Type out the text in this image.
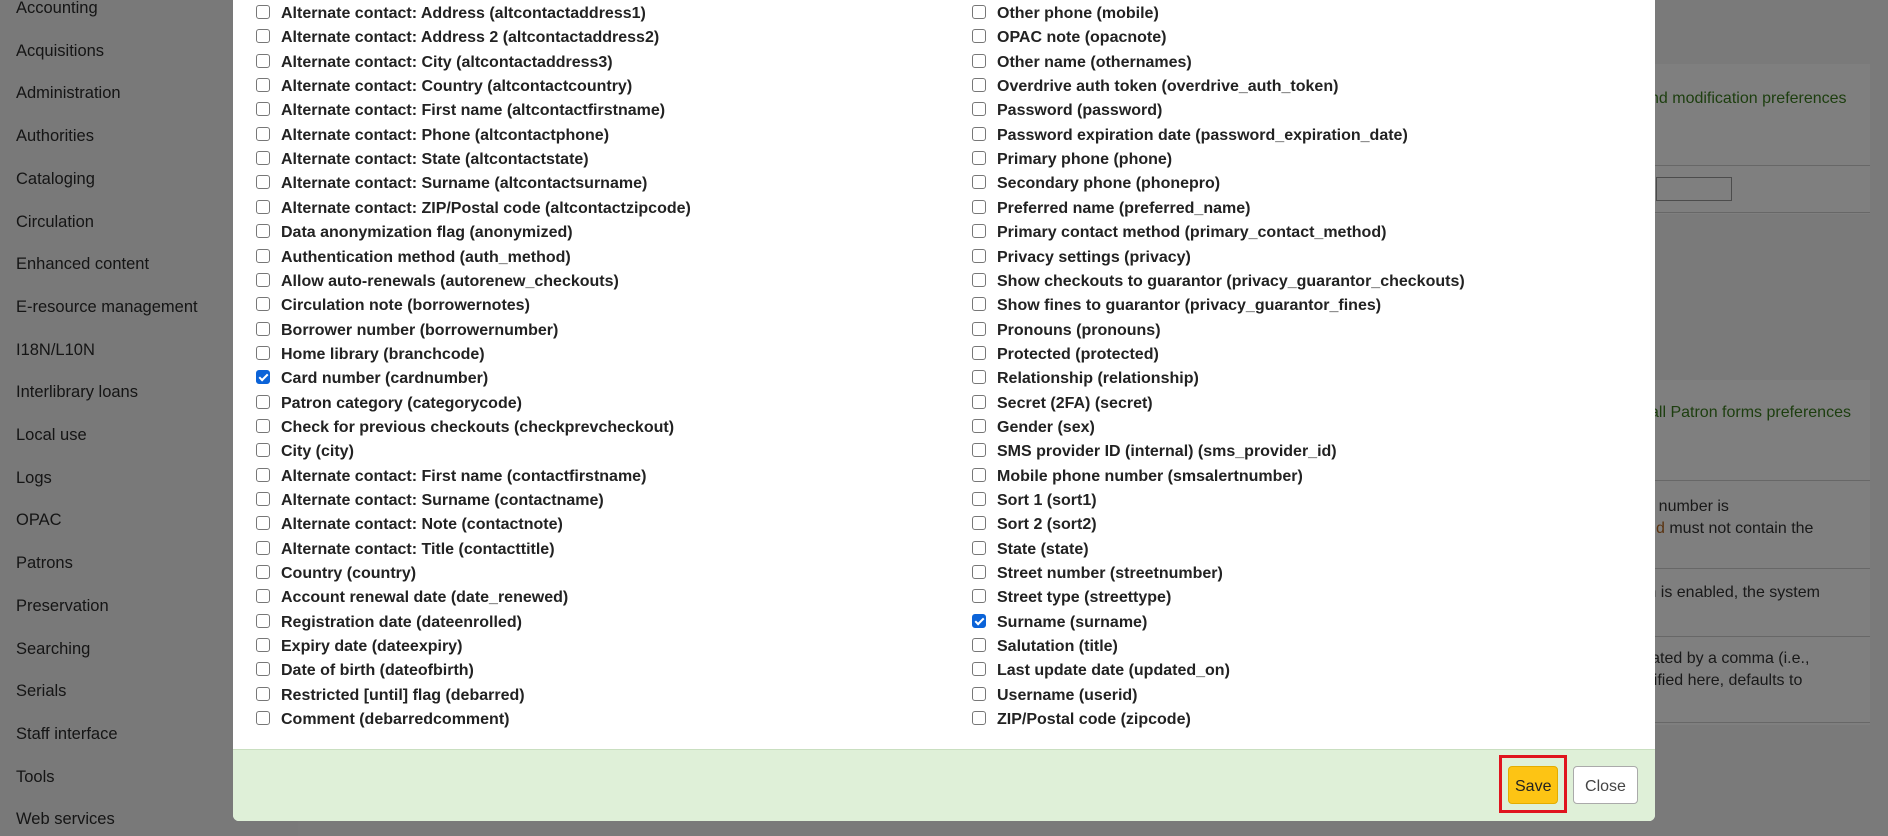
Alternate contact: Address (altcontactaddress1)
Alternate contact: Address 2 (altcontactaddress2)
Alternate contact: City (altcontactaddress3)
Alternate contact: Country (altcontactcountry)
Alternate contact: First name (altcontactfirstname)
Alternate contact: Phone (altcontactphone)
Alternate contact: State (altcontactstate)
Alternate contact: Surname (altcontactsurname)
Alternate contact: ZIP/Postal code (altcontactzipcode)
Data anonymization flag (anonymized)
Authentication method (auth_method)
Allow auto-renewals (autorenew_checkouts)
Circulation note (borrowernotes)
Borrower number (borrowernumber)
Home library (branchcode)
Card number (cardnumber)
Patron category (categorycode)
Check for previous checkouts (checkprevcheckout)
City (city)
Alternate contact: First name (contactfirstname)
Alternate contact: Surname (contactname)
Alternate contact: Note (contactnote)
Alternate contact: Title (contacttitle)
Country (country)
Account renewal date (date_renewed)
Registration date (dateenrolled)
Expiry date (dateexpiry)
Date of birth (dateofbirth)
Restricted [until] flag (debarred)
Comment (debarredcomment)
Other phone (mobile)
OPAC note (opacnote)
Other name (othernames)
Overdrive auth token (overdrive_auth_token)
Password (password)
Password expiration date (password_expiration_date)
Primary phone (phone)
Secondary phone (phonepro)
Preferred name (preferred_name)
Primary contact method (primary_contact_method)
Privacy settings (privacy)
Show checkouts to guarantor (privacy_guarantor_checkouts)
Show fines to guarantor (privacy_guarantor_fines)
Pronouns (pronouns)
Protected (protected)
Relationship (relationship)
Secret (2FA) (secret)
Gender (sex)
SMS provider ID (internal) (sms_provider_id)
Mobile phone number (smsalertnumber)
Sort 1 (sort1)
Sort 2 (sort2)
State (state)
Street number (streetnumber)
Street type (streettype)
Surname (surname)
Salutation (title)
Last update date (updated_on)
Username (userid)
ZIP/Postal code (zipcode)
Save	Close
